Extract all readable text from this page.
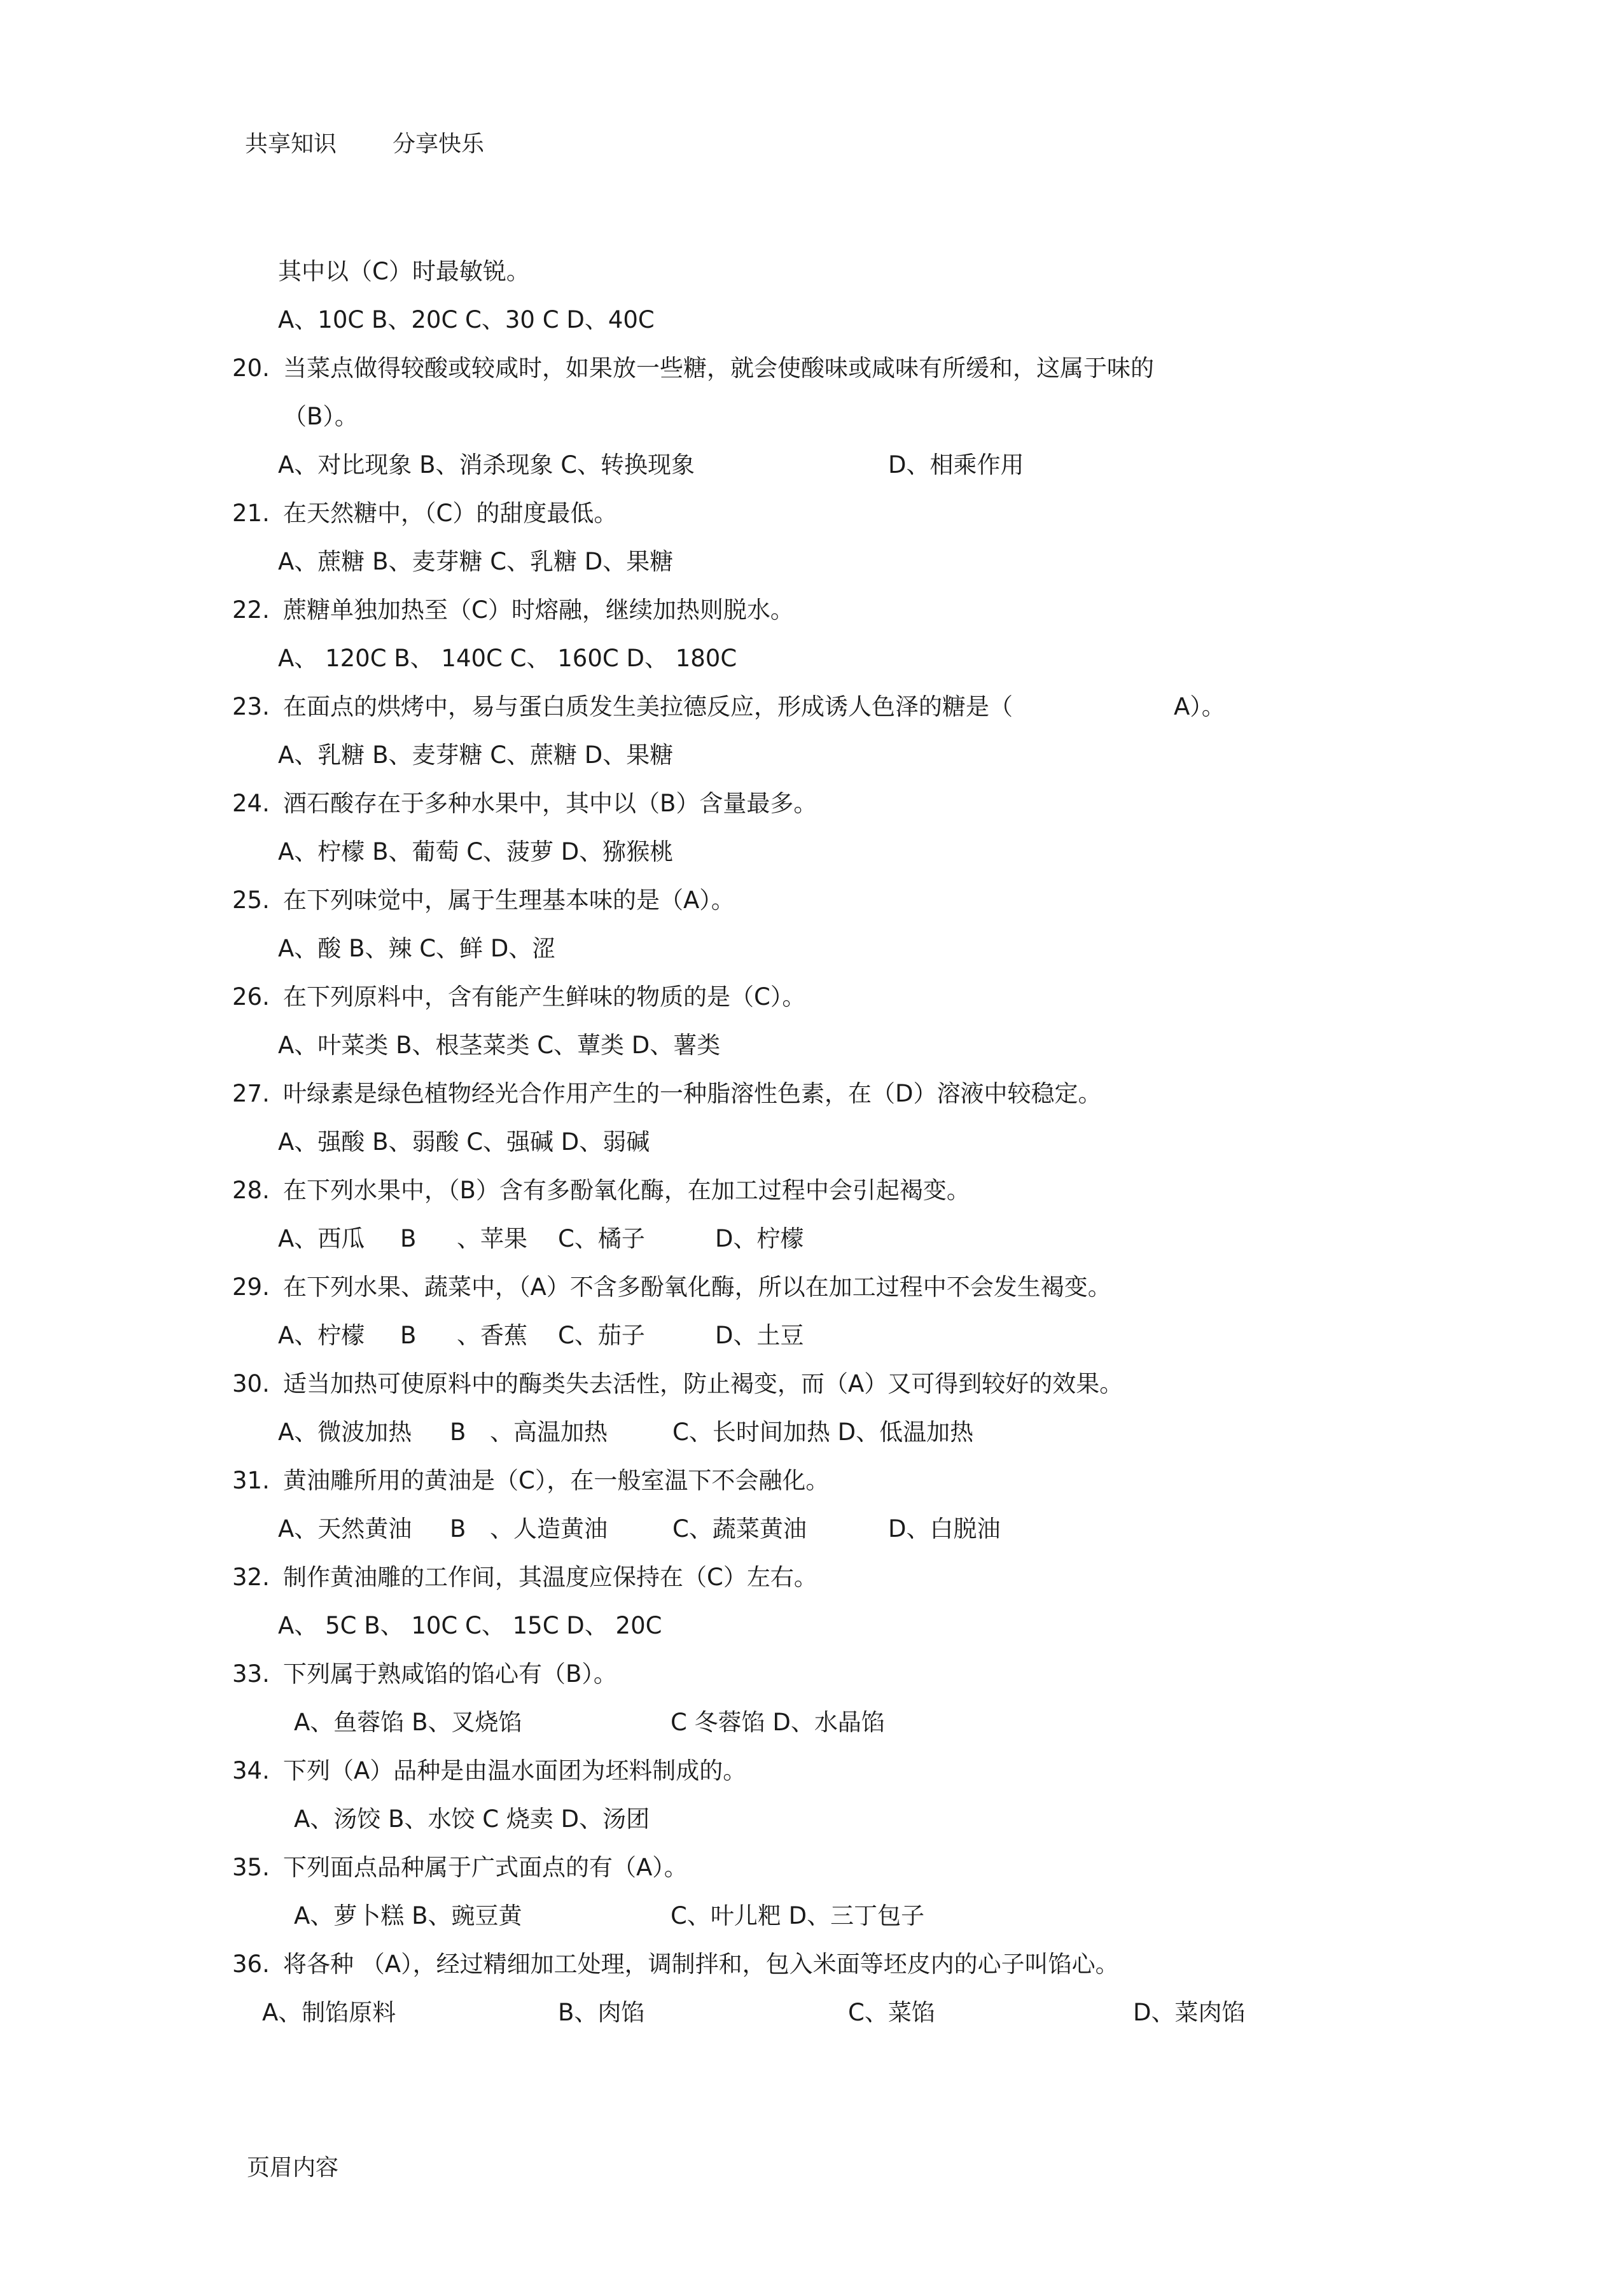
共享知识 分享快乐
其中以（C）时最敏锐。
A、10C B、20C C、30 C D、40C
20. 当菜点做得较酸或较咸时，如果放一些糖，就会使酸味或咸味有所缓和，这属于味的
（B）。
A、对比现象 B、消杀现象 C、转换现象	D、相乘作用
21. 在天然糖中，（C）的甜度最低。
A、蔗糖 B、麦芽糖 C、乳糖 D、果糖
22. 蔗糖单独加热至（C）时熔融，继续加热则脱水。
A、 120C B、 140C C、 160C D、 180C
23. 在面点的烘烤中，易与蛋白质发生美拉德反应，形成诱人色泽的糖是（	A）。
A、乳糖 B、麦芽糖 C、蔗糖 D、果糖
24. 酒石酸存在于多种水果中，其中以（B）含量最多。
A、柠檬 B、葡萄 C、菠萝 D、猕猴桃
25. 在下列味觉中，属于生理基本味的是（A）。
A、酸 B、辣 C、鲜 D、涩
26. 在下列原料中，含有能产生鲜味的物质的是（C）。
A、叶菜类 B、根茎菜类 C、蕈类 D、薯类
27. 叶绿素是绿色植物经光合作用产生的一种脂溶性色素，在（D）溶液中较稳定。
A、强酸 B、弱酸 C、强碱 D、弱碱
28. 在下列水果中，（B）含有多酚氧化酶，在加工过程中会引起褐变。
A、西瓜 B 、苹果 C、橘子	D、柠檬
29. 在下列水果、蔬菜中，（A）不含多酚氧化酶，所以在加工过程中不会发生褐变。
A、柠檬 B 、香蕉 C、茄子	D、土豆
30. 适当加热可使原料中的酶类失去活性，防止褐变，而（A）又可得到较好的效果。
A、微波加热 B 、高温加热	C、长时间加热 D、低温加热
31. 黄油雕所用的黄油是（C），在一般室温下不会融化。
A、天然黄油 B 、人造黄油	C、蔬菜黄油	D、白脱油
32. 制作黄油雕的工作间，其温度应保持在（C）左右。
A、 5C B、 10C C、 15C D、 20C
33. 下列属于熟咸馅的馅心有（B）。
A、鱼蓉馅 B、叉烧馅	C 冬蓉馅 D、水晶馅
34. 下列（A）品种是由温水面团为坯料制成的。
A、汤饺 B、水饺 C 烧卖 D、汤团
35. 下列面点品种属于广式面点的有（A）。
A、萝卜糕 B、豌豆黄	C、叶儿粑 D、三丁包子
36. 将各种 （A），经过精细加工处理，调制拌和，包入米面等坯皮内的心子叫馅心。
A、制馅原料	B、肉馅	C、菜馅	D、菜肉馅
页眉内容
